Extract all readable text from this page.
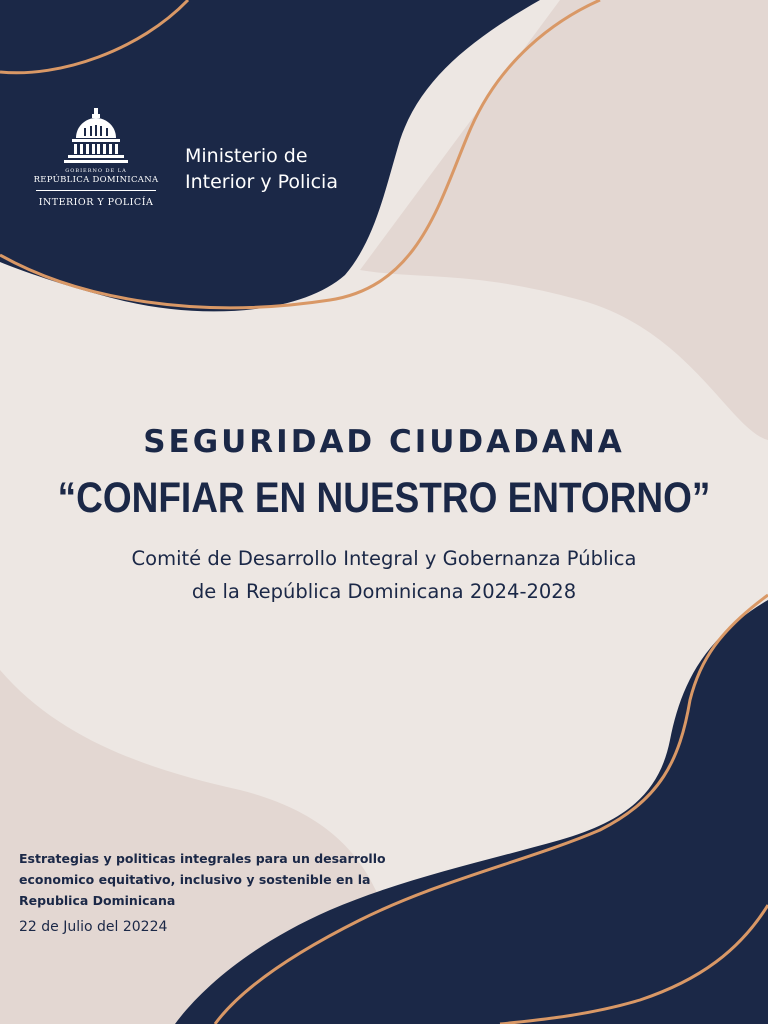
GOBIERNO DE LA
REPÚBLICA DOMINICANA
INTERIOR Y POLICÍA
Ministerio de
Interior y Policia
SEGURIDAD CIUDADANA
“CONFIAR EN NUESTRO ENTORNO”
Comité de Desarrollo Integral y Gobernanza Pública
de la República Dominicana 2024-2028
Estrategias y politicas integrales para un desarrollo
economico equitativo, inclusivo y sostenible en la
Republica Dominicana
22 de Julio del 20224
